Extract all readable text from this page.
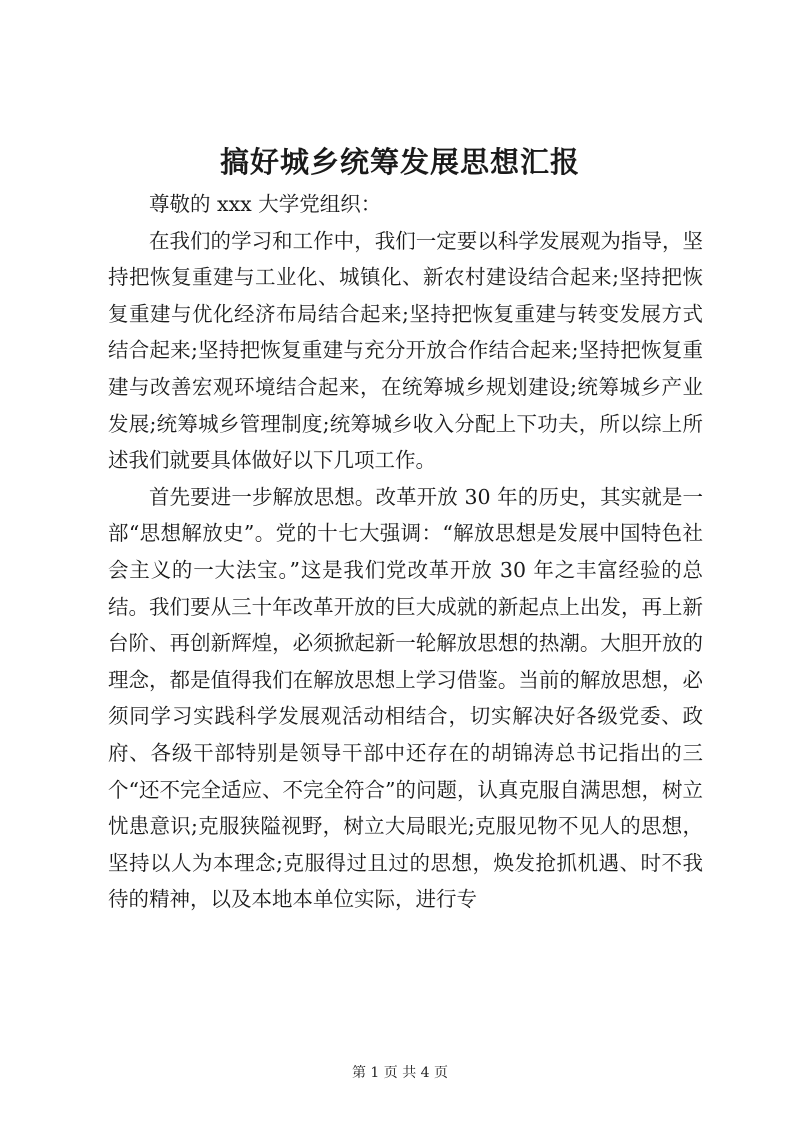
搞好城乡统筹发展思想汇报

尊敬的 xxx 大学党组织：

在我们的学习和工作中，我们一定要以科学发展观为指导，坚持把恢复重建与工业化、城镇化、新农村建设结合起来;坚持把恢复重建与优化经济布局结合起来;坚持把恢复重建与转变发展方式结合起来;坚持把恢复重建与充分开放合作结合起来;坚持把恢复重建与改善宏观环境结合起来，在统筹城乡规划建设;统筹城乡产业发展;统筹城乡管理制度;统筹城乡收入分配上下功夫，所以综上所述我们就要具体做好以下几项工作。

首先要进一步解放思想。改革开放 30 年的历史，其实就是一部“思想解放史”。党的十七大强调：“解放思想是发展中国特色社会主义的一大法宝。”这是我们党改革开放 30 年之丰富经验的总结。我们要从三十年改革开放的巨大成就的新起点上出发，再上新台阶、再创新辉煌，必须掀起新一轮解放思想的热潮。大胆开放的理念，都是值得我们在解放思想上学习借鉴。当前的解放思想，必须同学习实践科学发展观活动相结合，切实解决好各级党委、政府、各级干部特别是领导干部中还存在的胡锦涛总书记指出的三个“还不完全适应、不完全符合”的问题，认真克服自满思想，树立忧患意识;克服狭隘视野，树立大局眼光;克服见物不见人的思想，坚持以人为本理念;克服得过且过的思想，焕发抢抓机遇、时不我待的精神，以及本地本单位实际，进行专

第 1 页 共 4 页
